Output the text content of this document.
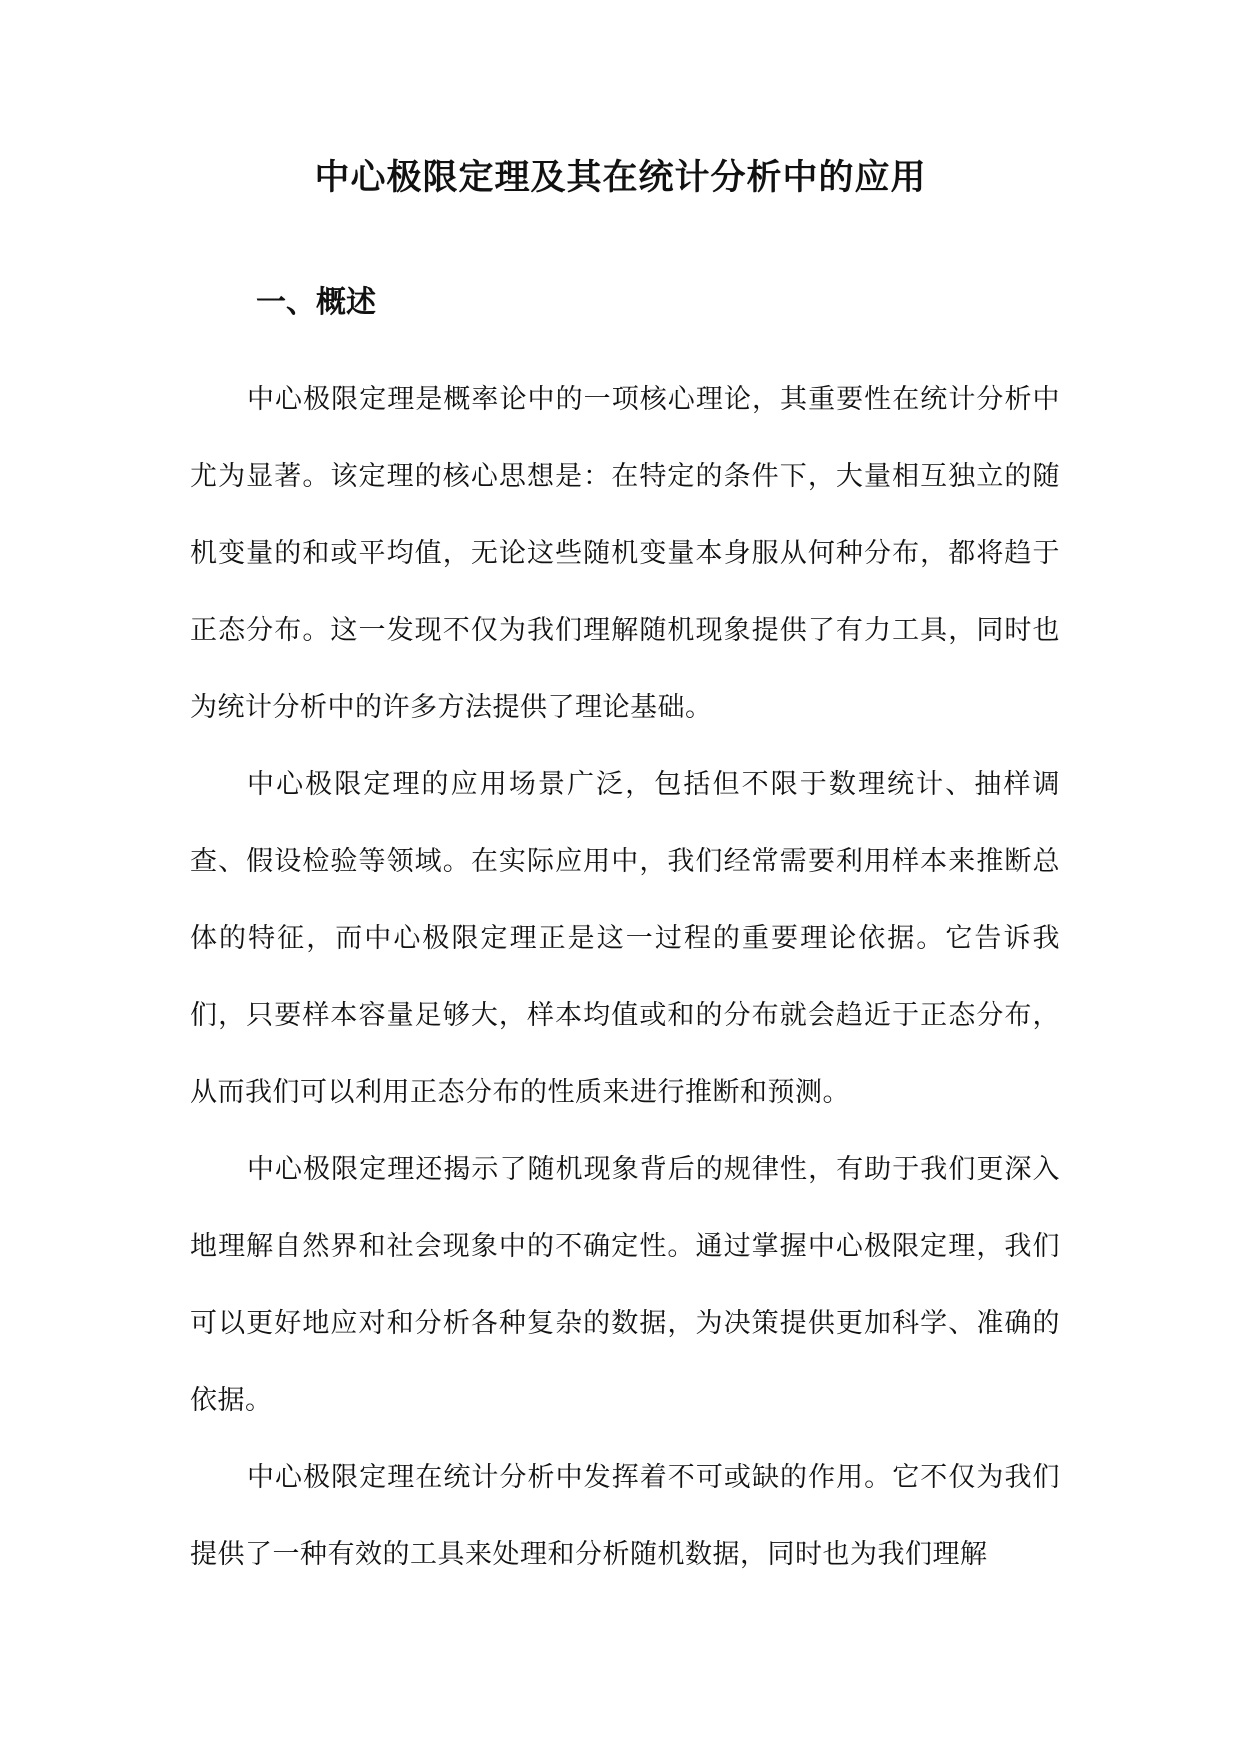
中心极限定理及其在统计分析中的应用
一、概述

中心极限定理是概率论中的一项核心理论，其重要性在统计分析中尤为显著。该定理的核心思想是：在特定的条件下，大量相互独立的随机变量的和或平均值，无论这些随机变量本身服从何种分布，都将趋于正态分布。这一发现不仅为我们理解随机现象提供了有力工具，同时也为统计分析中的许多方法提供了理论基础。

中心极限定理的应用场景广泛，包括但不限于数理统计、抽样调查、假设检验等领域。在实际应用中，我们经常需要利用样本来推断总体的特征，而中心极限定理正是这一过程的重要理论依据。它告诉我们，只要样本容量足够大，样本均值或和的分布就会趋近于正态分布，从而我们可以利用正态分布的性质来进行推断和预测。

中心极限定理还揭示了随机现象背后的规律性，有助于我们更深入地理解自然界和社会现象中的不确定性。通过掌握中心极限定理，我们可以更好地应对和分析各种复杂的数据，为决策提供更加科学、准确的依据。

中心极限定理在统计分析中发挥着不可或缺的作用。它不仅为我们提供了一种有效的工具来处理和分析随机数据，同时也为我们理解
